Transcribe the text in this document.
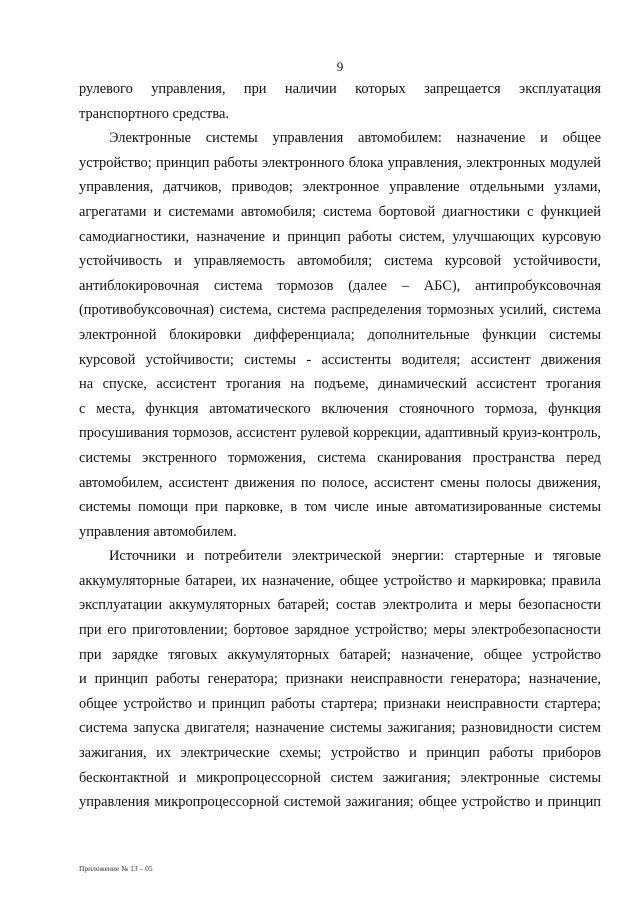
9

рулевого управления, при наличии которых запрещается эксплуатация

транспортного средства.

Электронные системы управления автомобилем: назначение и общее

устройство; принцип работы электронного блока управления, электронных модулей

управления, датчиков, приводов; электронное управление отдельными узлами,

агрегатами и системами автомобиля; система бортовой диагностики с функцией

самодиагностики, назначение и принцип работы систем, улучшающих курсовую

устойчивость и управляемость автомобиля; система курсовой устойчивости,

антиблокировочная система тормозов (далее – АБС), антипробуксовочная

(противобуксовочная) система, система распределения тормозных усилий, система

электронной блокировки дифференциала; дополнительные функции системы

курсовой устойчивости; системы - ассистенты водителя; ассистент движения

на спуске, ассистент трогания на подъеме, динамический ассистент трогания

с места, функция автоматического включения стояночного тормоза, функция

просушивания тормозов, ассистент рулевой коррекции, адаптивный круиз-контроль,

системы экстренного торможения, система сканирования пространства перед

автомобилем, ассистент движения по полосе, ассистент смены полосы движения,

системы помощи при парковке, в том числе иные автоматизированные системы

управления автомобилем.

Источники и потребители электрической энергии: стартерные и тяговые

аккумуляторные батареи, их назначение, общее устройство и маркировка; правила

эксплуатации аккумуляторных батарей; состав электролита и меры безопасности

при его приготовлении; бортовое зарядное устройство; меры электробезопасности

при зарядке тяговых аккумуляторных батарей; назначение, общее устройство

и принцип работы генератора; признаки неисправности генератора; назначение,

общее устройство и принцип работы стартера; признаки неисправности стартера;

система запуска двигателя; назначение системы зажигания; разновидности систем

зажигания, их электрические схемы; устройство и принцип работы приборов

бесконтактной и микропроцессорной систем зажигания; электронные системы

управления микропроцессорной системой зажигания; общее устройство и принцип

Приложение № 13 – 05
